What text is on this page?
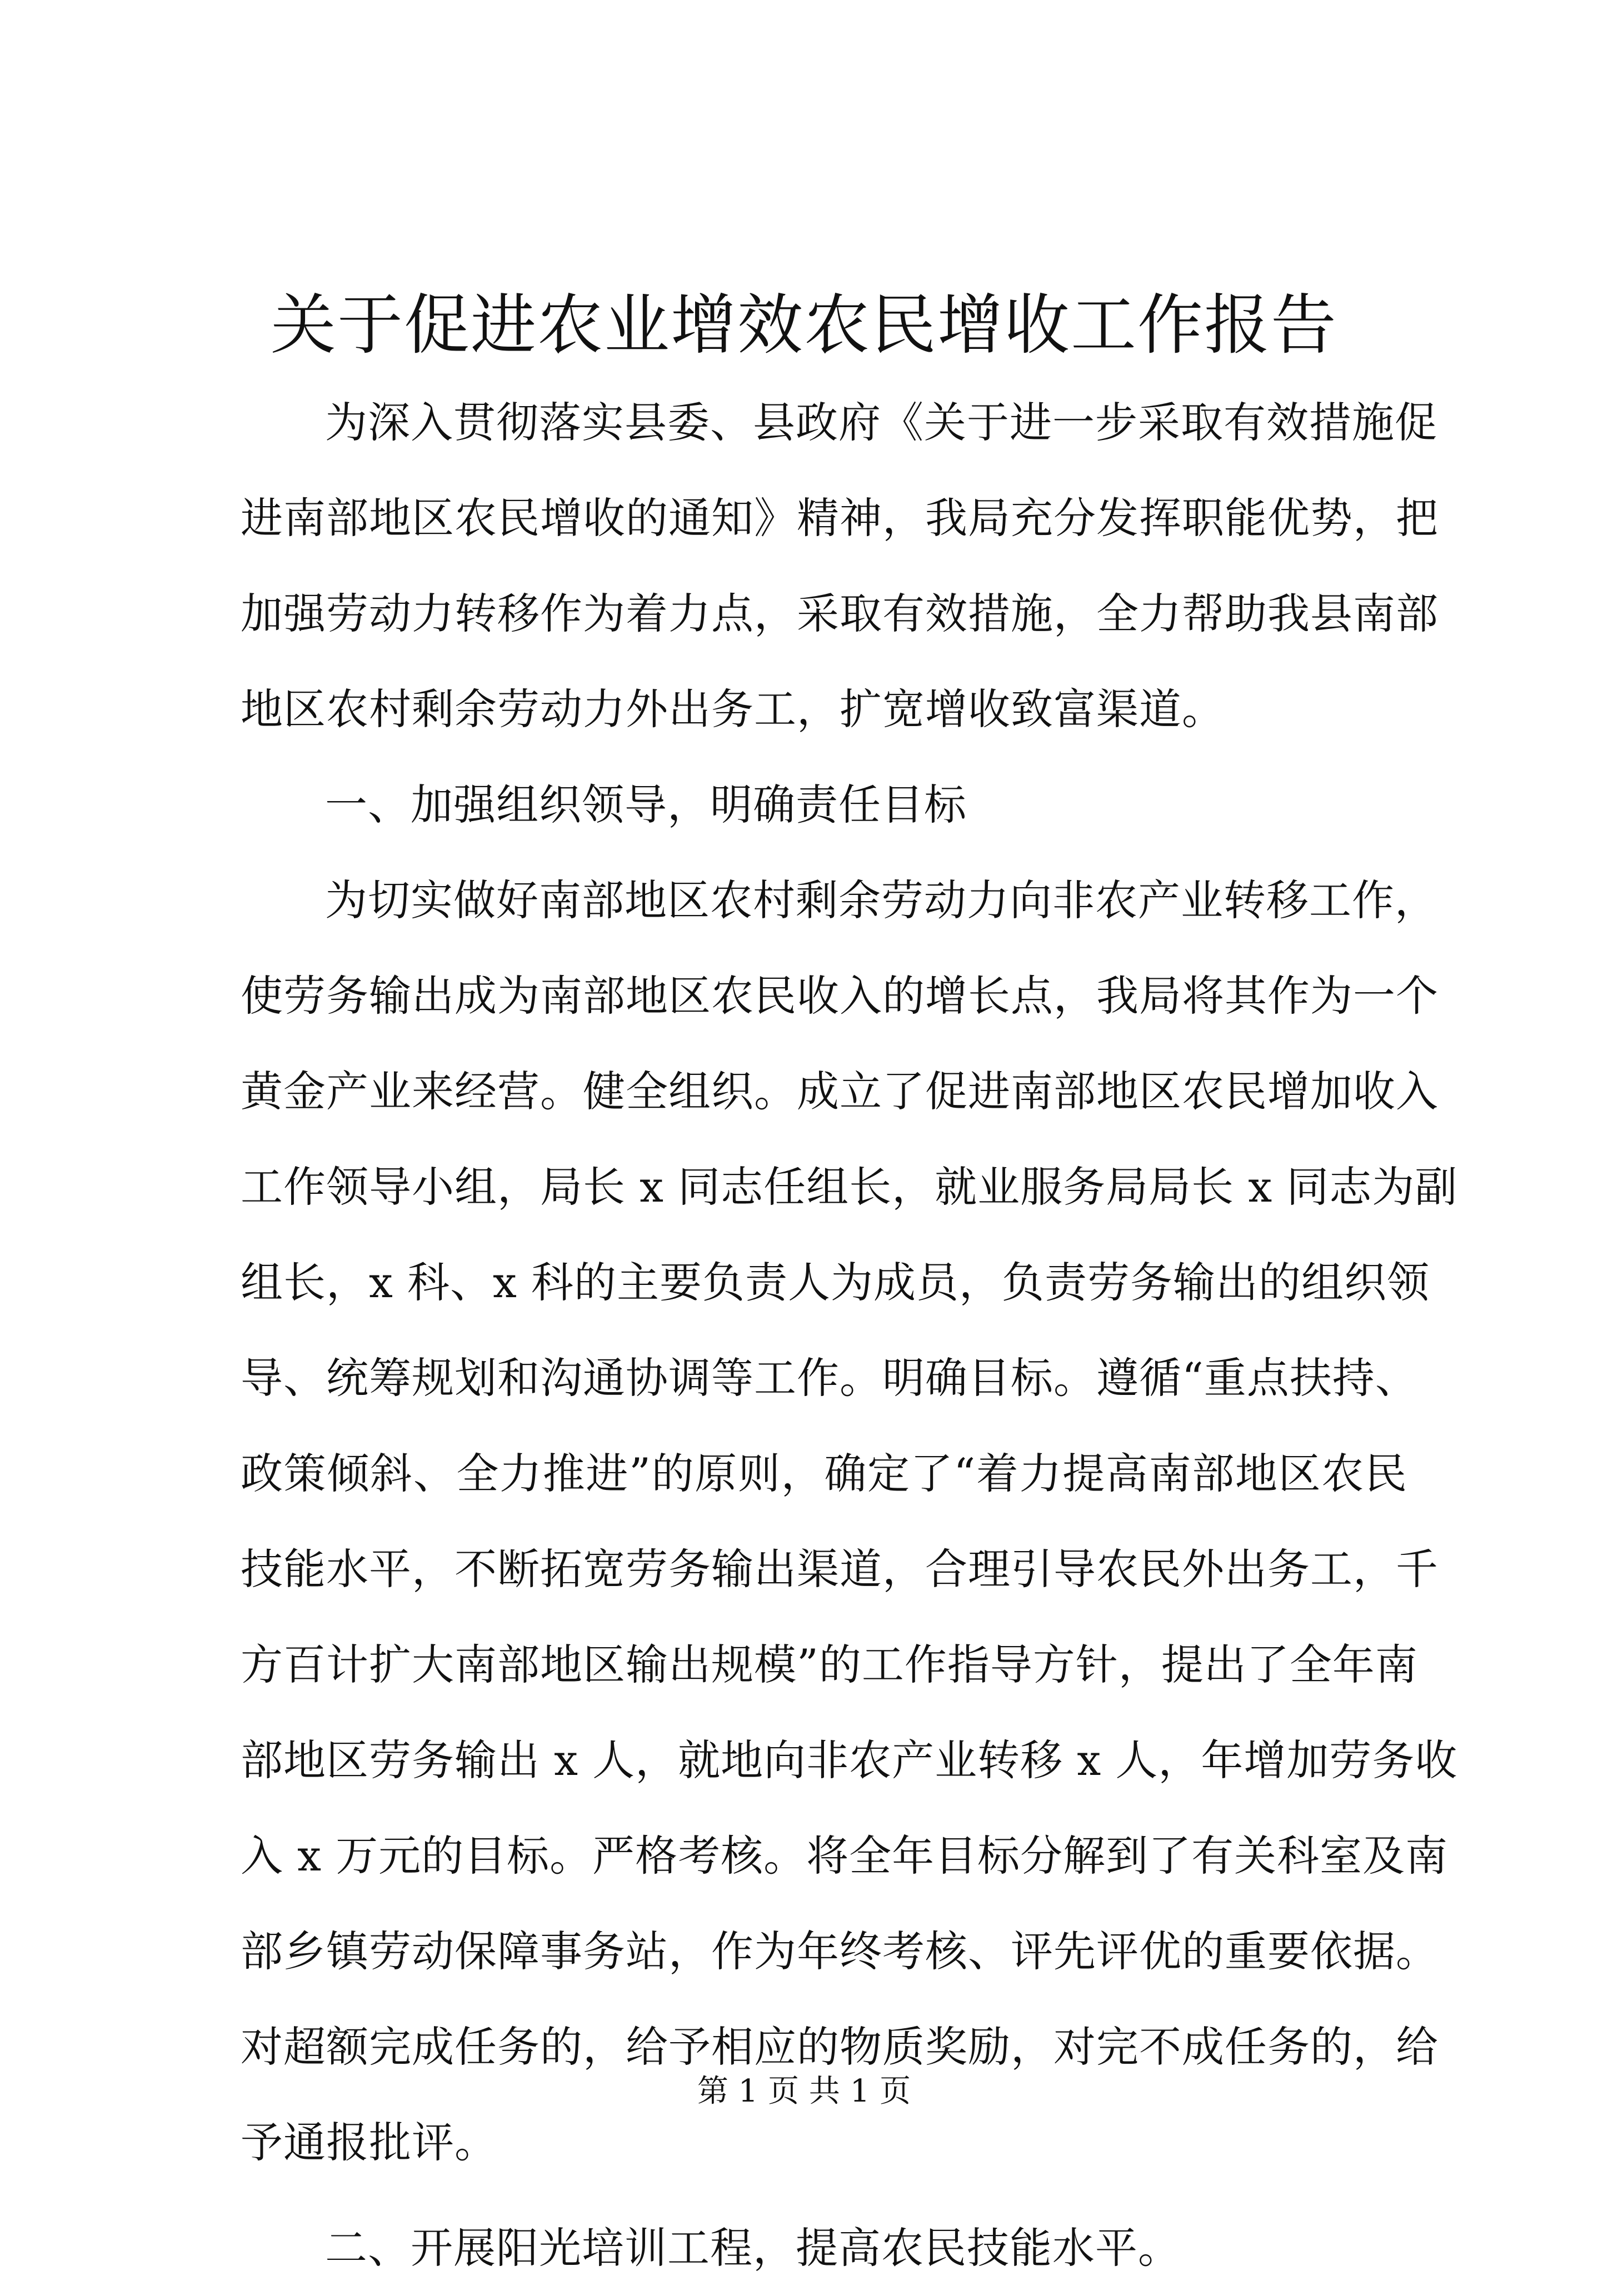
关于促进农业增效农民增收工作报告
为深入贯彻落实县委、县政府《关于进一步采取有效措施促
进南部地区农民增收的通知》精神，我局充分发挥职能优势，把
加强劳动力转移作为着力点，采取有效措施，全力帮助我县南部
地区农村剩余劳动力外出务工，扩宽增收致富渠道。
一、加强组织领导，明确责任目标
为切实做好南部地区农村剩余劳动力向非农产业转移工作，
使劳务输出成为南部地区农民收入的增长点，我局将其作为一个
黄金产业来经营。健全组织。成立了促进南部地区农民增加收入
工作领导小组，局长 x 同志任组长，就业服务局局长 x 同志为副
组长，x 科、x 科的主要负责人为成员，负责劳务输出的组织领
导、统筹规划和沟通协调等工作。明确目标。遵循“重点扶持、
政策倾斜、全力推进”的原则，确定了“着力提高南部地区农民
技能水平，不断拓宽劳务输出渠道，合理引导农民外出务工，千
方百计扩大南部地区输出规模”的工作指导方针，提出了全年南
部地区劳务输出 x 人，就地向非农产业转移 x 人，年增加劳务收
入 x 万元的目标。严格考核。将全年目标分解到了有关科室及南
部乡镇劳动保障事务站，作为年终考核、评先评优的重要依据。
对超额完成任务的，给予相应的物质奖励，对完不成任务的，给
予通报批评。
二、开展阳光培训工程，提高农民技能水平。
第 1 页 共 1 页
